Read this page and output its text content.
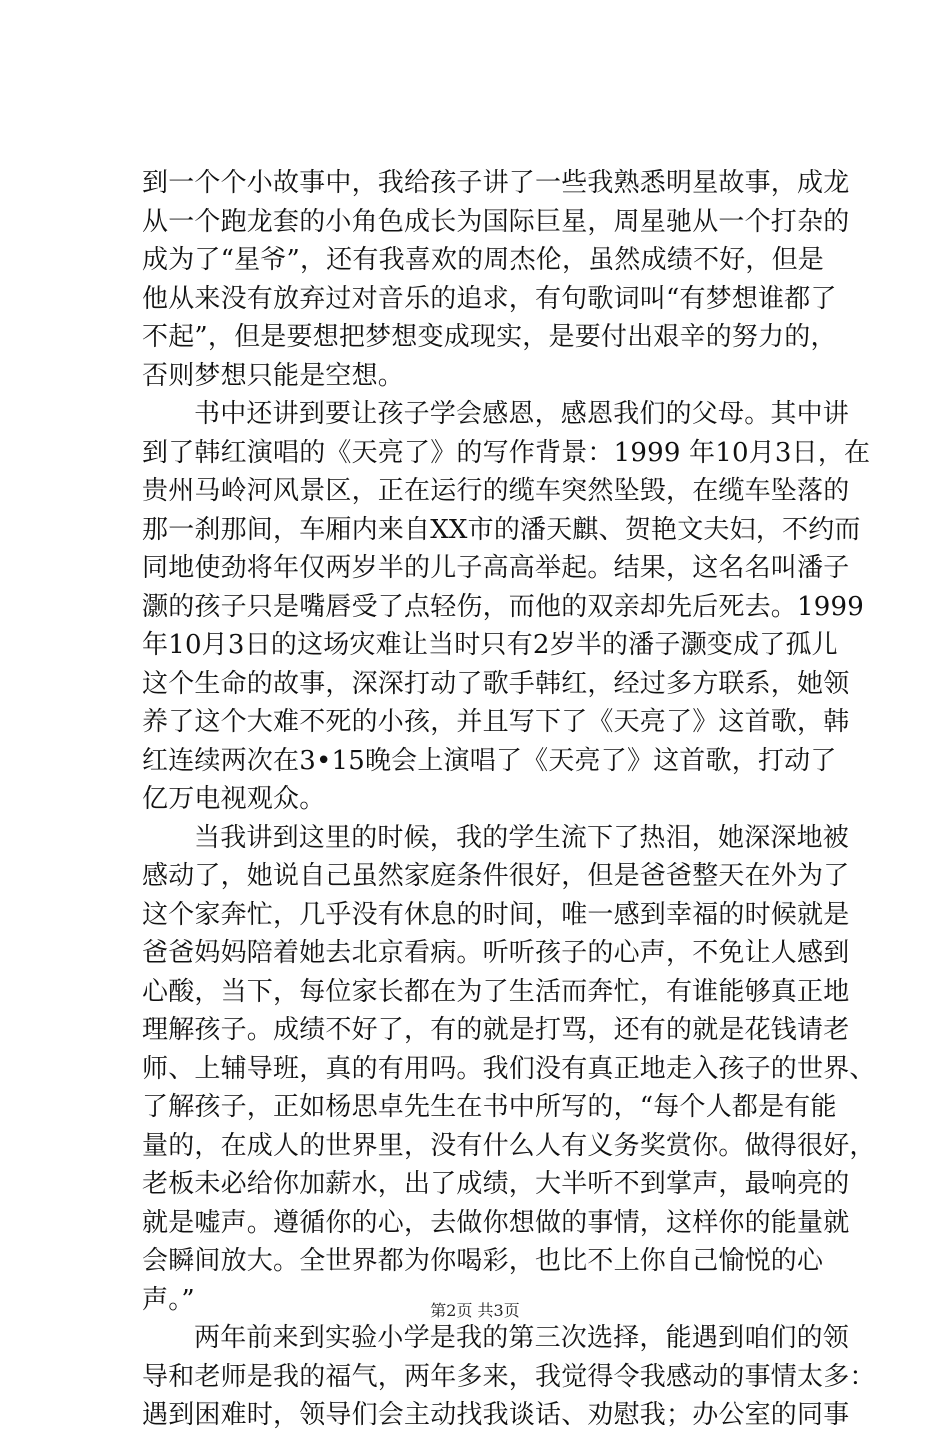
到一个个小故事中，我给孩子讲了一些我熟悉明星故事，成龙
从一个跑龙套的小角色成长为国际巨星，周星驰从一个打杂的
成为了“星爷”，还有我喜欢的周杰伦，虽然成绩不好，但是
他从来没有放弃过对音乐的追求，有句歌词叫“有梦想谁都了
不起”，但是要想把梦想变成现实，是要付出艰辛的努力的，
否则梦想只能是空想。
书中还讲到要让孩子学会感恩，感恩我们的父母。其中讲
到了韩红演唱的《天亮了》的写作背景：1999 年10月3日，在
贵州马岭河风景区，正在运行的缆车突然坠毁，在缆车坠落的
那一刹那间，车厢内来自XX市的潘天麒、贺艳文夫妇，不约而
同地使劲将年仅两岁半的儿子高高举起。结果，这名名叫潘子
灏的孩子只是嘴唇受了点轻伤，而他的双亲却先后死去。1999
年10月3日的这场灾难让当时只有2岁半的潘子灏变成了孤儿
这个生命的故事，深深打动了歌手韩红，经过多方联系，她领
养了这个大难不死的小孩，并且写下了《天亮了》这首歌，韩
红连续两次在3•15晚会上演唱了《天亮了》这首歌，打动了
亿万电视观众。
当我讲到这里的时候，我的学生流下了热泪，她深深地被
感动了，她说自己虽然家庭条件很好，但是爸爸整天在外为了
这个家奔忙，几乎没有休息的时间，唯一感到幸福的时候就是
爸爸妈妈陪着她去北京看病。听听孩子的心声，不免让人感到
心酸，当下，每位家长都在为了生活而奔忙，有谁能够真正地
理解孩子。成绩不好了，有的就是打骂，还有的就是花钱请老
师、上辅导班，真的有用吗。我们没有真正地走入孩子的世界、
了解孩子，正如杨思卓先生在书中所写的，“每个人都是有能
量的，在成人的世界里，没有什么人有义务奖赏你。做得很好，
老板未必给你加薪水，出了成绩，大半听不到掌声，最响亮的
就是嘘声。遵循你的心，去做你想做的事情，这样你的能量就
会瞬间放大。全世界都为你喝彩，也比不上你自己愉悦的心
声。”
两年前来到实验小学是我的第三次选择，能遇到咱们的领
导和老师是我的福气，两年多来，我觉得令我感动的事情太多：
遇到困难时，领导们会主动找我谈话、劝慰我；办公室的同事
第2页 共3页
